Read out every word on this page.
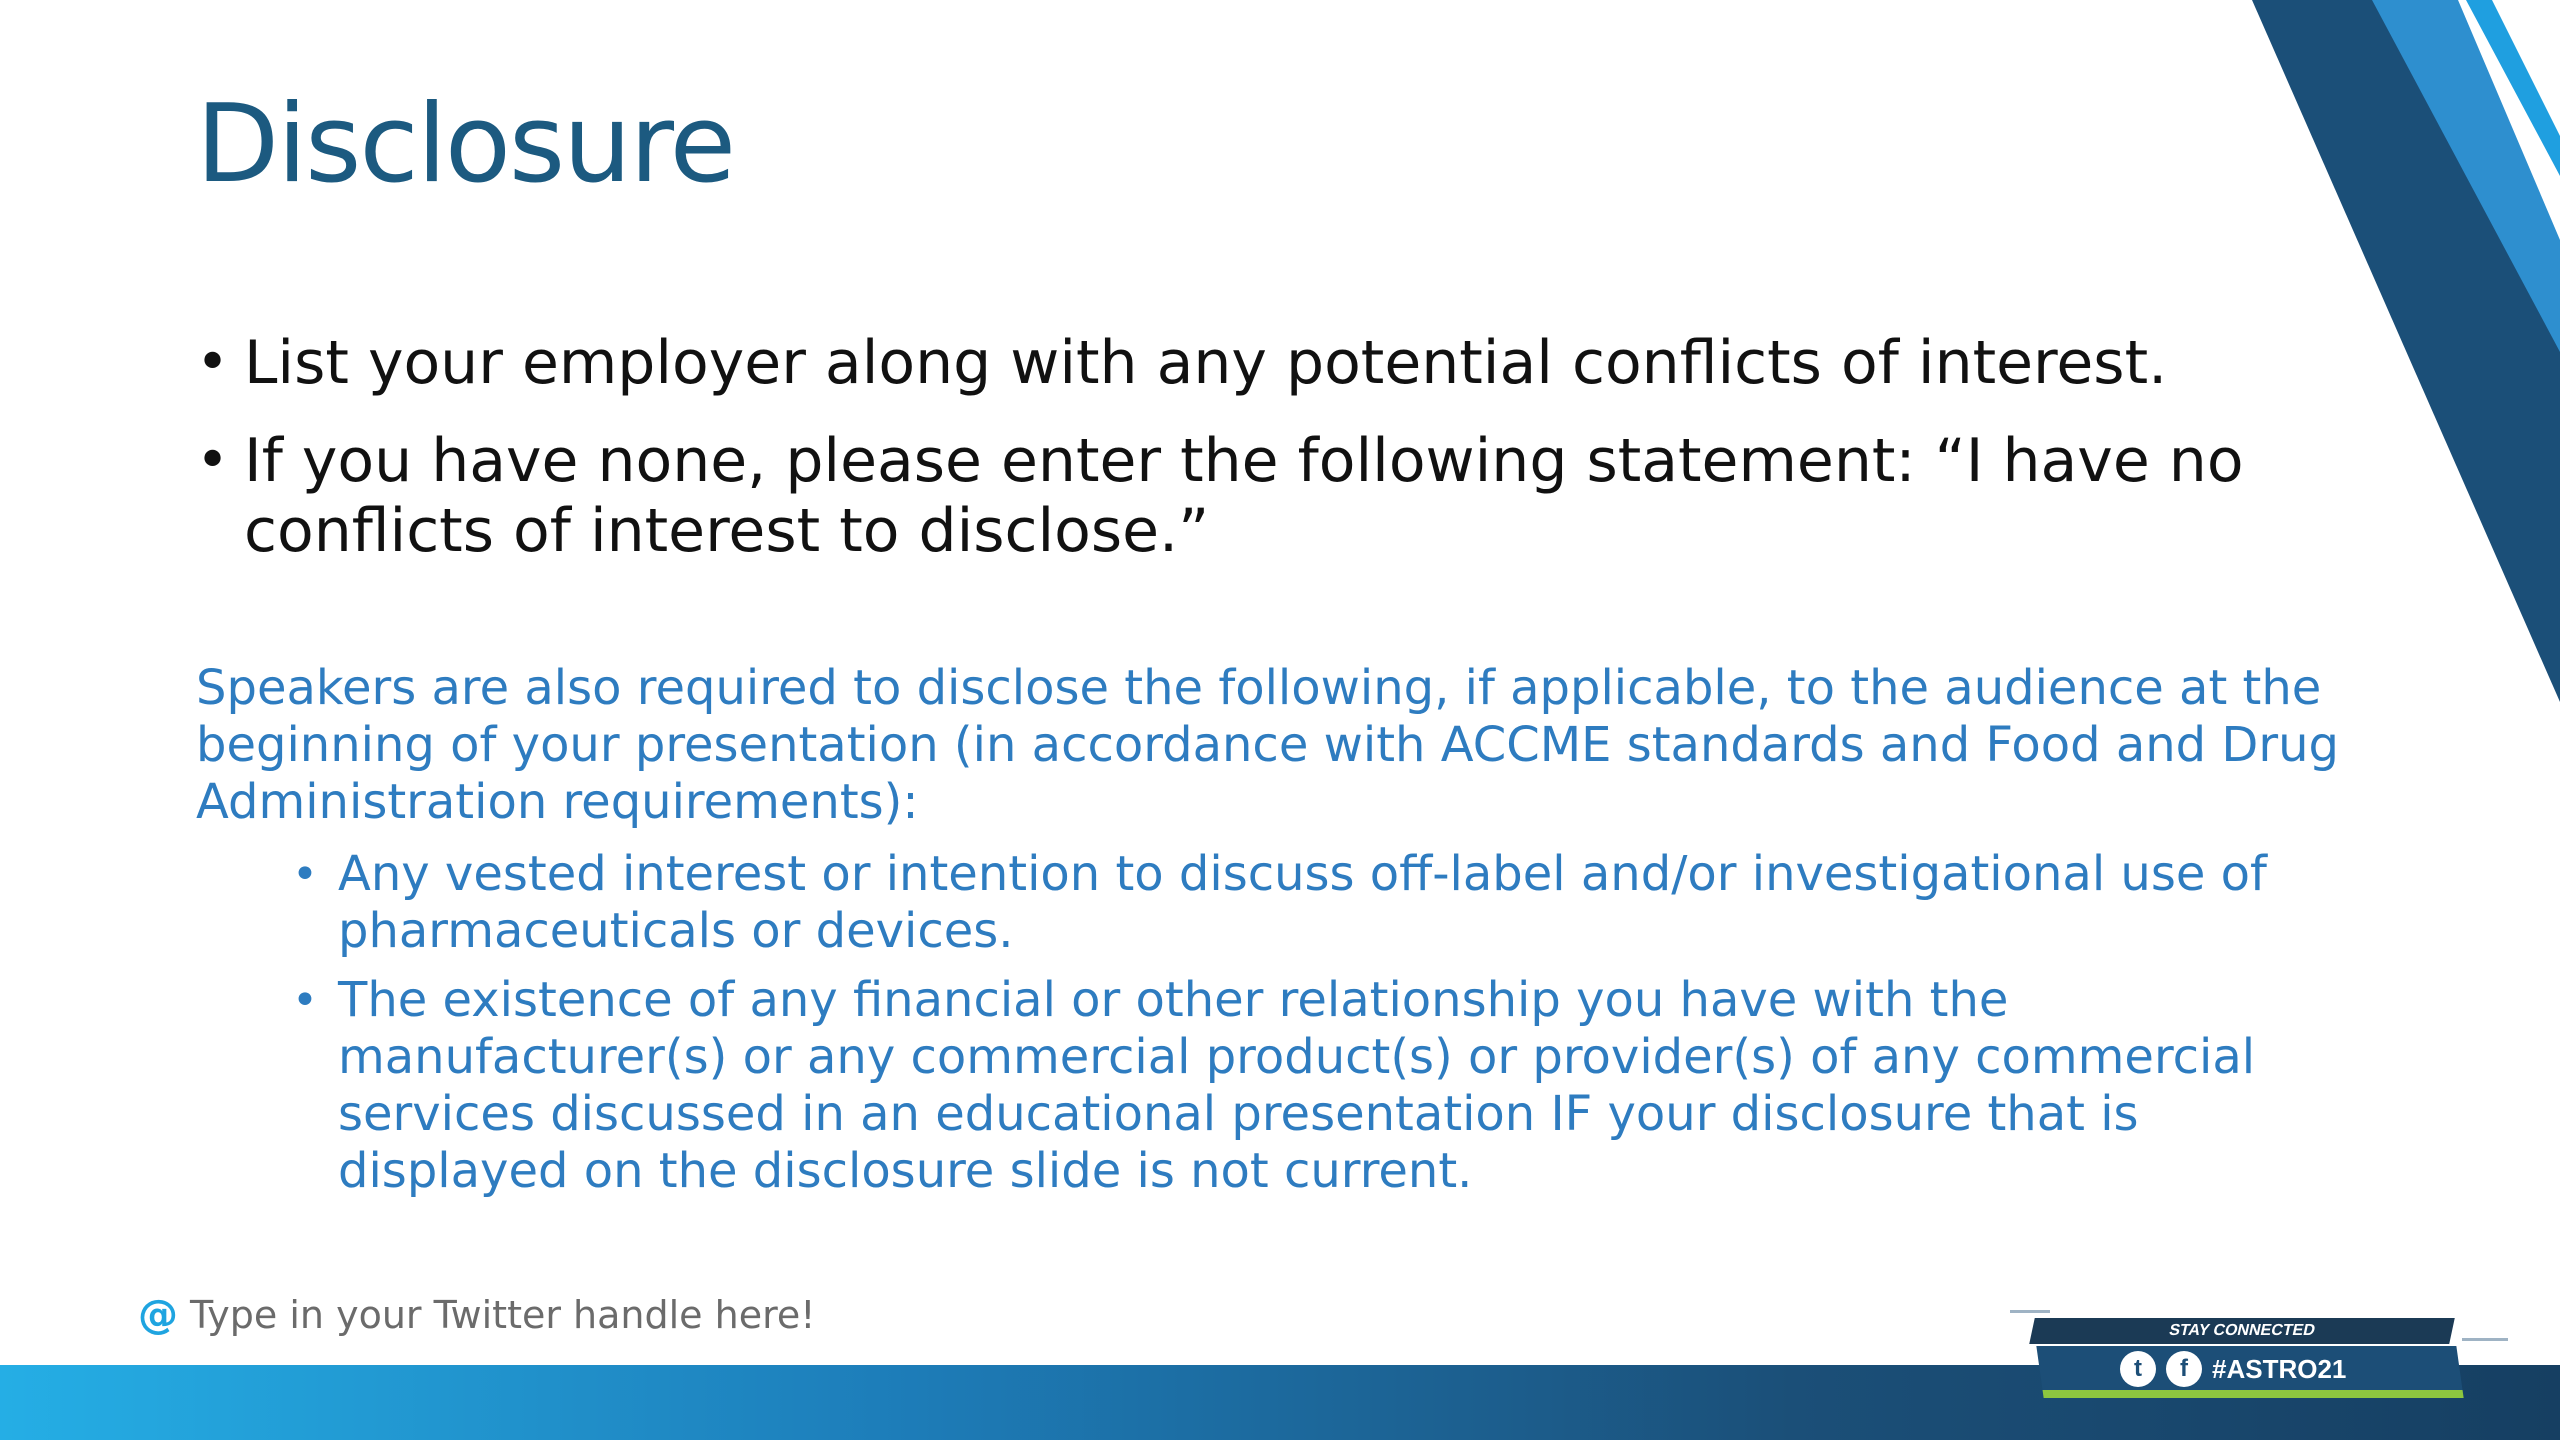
Disclosure
• List your employer along with any potential conflicts of interest.
• If you have none, please enter the following statement: “I have no conflicts of interest to disclose.”
Speakers are also required to disclose the following, if applicable, to the audience at the beginning of your presentation (in accordance with ACCME standards and Food and Drug Administration requirements):
• Any vested interest or intention to discuss off-label and/or investigational use of pharmaceuticals or devices.
• The existence of any financial or other relationship you have with the manufacturer(s) or any commercial product(s) or provider(s) of any commercial services discussed in an educational presentation IF your disclosure that is displayed on the disclosure slide is not current.
@ Type in your Twitter handle here!	STAY CONNECTED
t	f #ASTRO21
